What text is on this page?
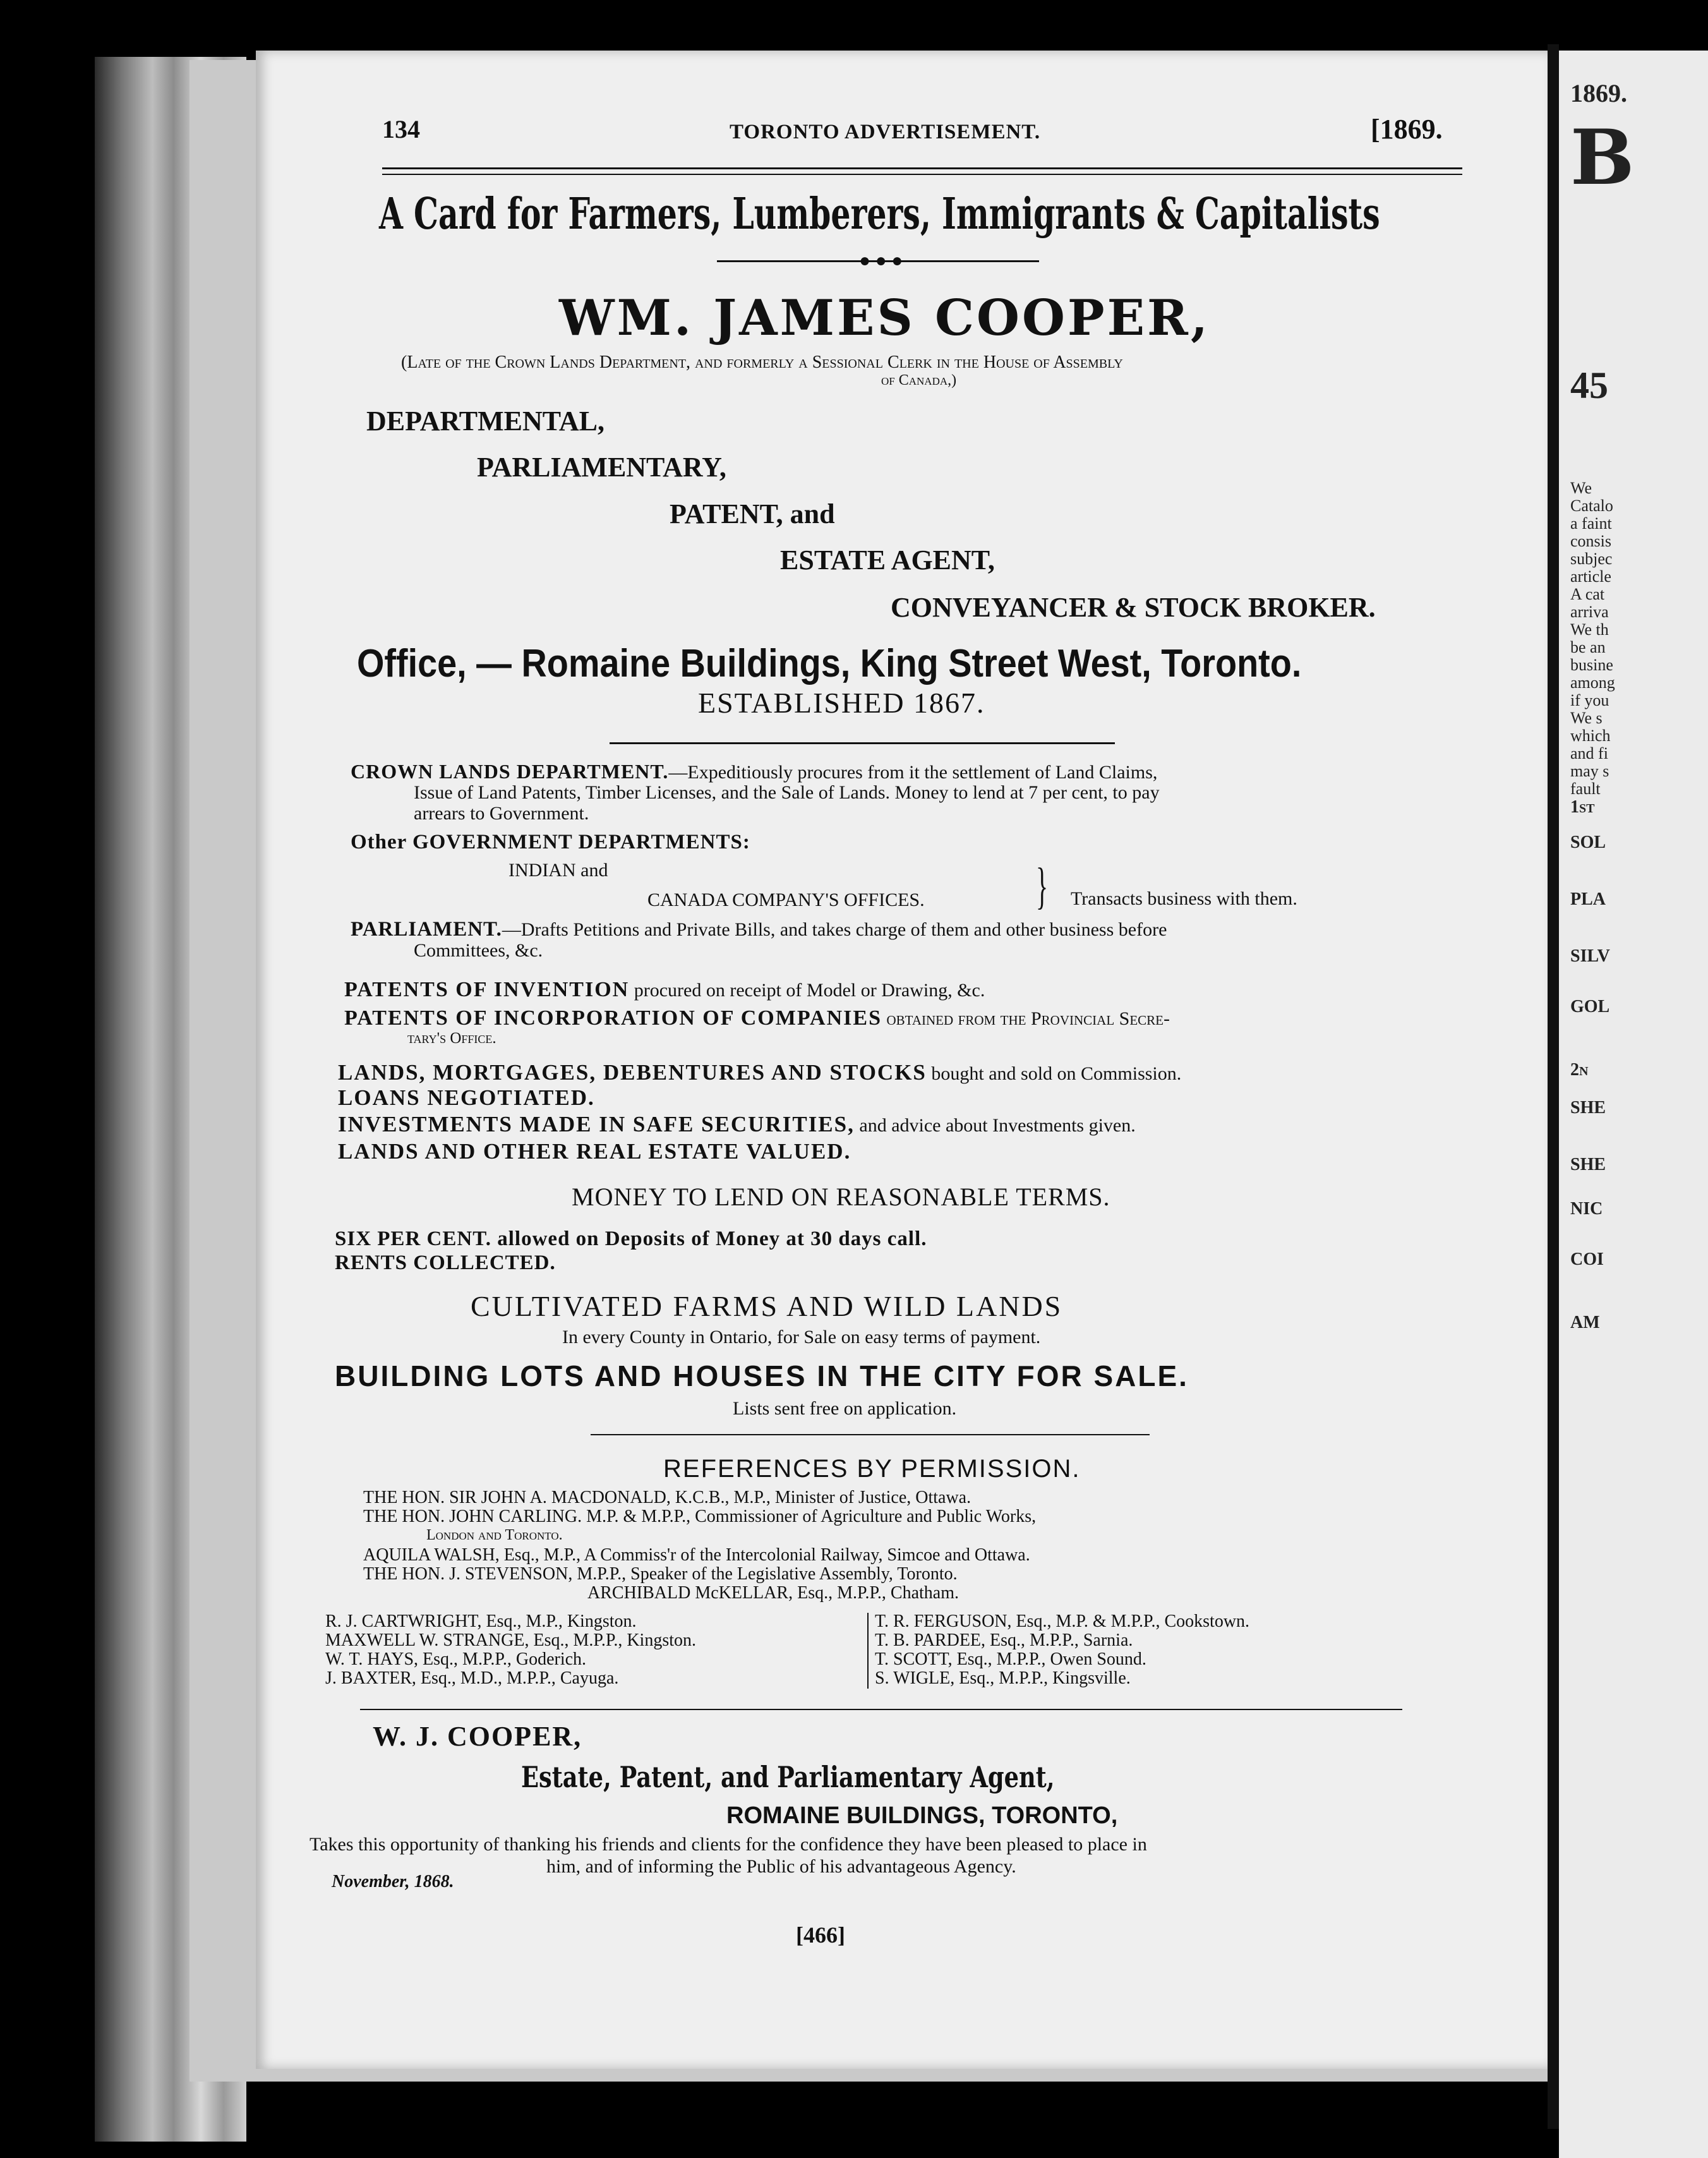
1869.
B
45
We
Catalo
a faint
consis
subjec
article
A cat
arriva
We th
be an
busine
among
if you
We s
which
and fi
may s
fault
1st
SOL
PLA
SILV
GOL
2n
SHE
SHE
NIC
COI
AM
134	TORONTO ADVERTISEMENT.	[1869.
A Card for Farmers, Lumberers, Immigrants & Capitalists
● ● ●
WM. JAMES COOPER,
(Late of the Crown Lands Department, and formerly a Sessional Clerk in the House of Assembly
of Canada,)
DEPARTMENTAL,
PARLIAMENTARY,
PATENT, and
ESTATE AGENT,
CONVEYANCER & STOCK BROKER.
Office, — Romaine Buildings, King Street West, Toronto.
ESTABLISHED 1867.
CROWN LANDS DEPARTMENT.—Expeditiously procures from it the settlement of Land Claims,
Issue of Land Patents, Timber Licenses, and the Sale of Lands. Money to lend at 7 per cent, to pay
arrears to Government.
Other GOVERNMENT DEPARTMENTS:
INDIAN and
CANADA COMPANY'S OFFICES. } Transacts business with them.
PARLIAMENT.—Drafts Petitions and Private Bills, and takes charge of them and other business before
Committees, &c.
PATENTS OF INVENTION procured on receipt of Model or Drawing, &c.
PATENTS OF INCORPORATION OF COMPANIES obtained from the Provincial Secre-
tary's Office.
LANDS, MORTGAGES, DEBENTURES AND STOCKS bought and sold on Commission.
LOANS NEGOTIATED.
INVESTMENTS MADE IN SAFE SECURITIES, and advice about Investments given.
LANDS AND OTHER REAL ESTATE VALUED.
MONEY TO LEND ON REASONABLE TERMS.
SIX PER CENT. allowed on Deposits of Money at 30 days call.
RENTS COLLECTED.
CULTIVATED FARMS AND WILD LANDS
In every County in Ontario, for Sale on easy terms of payment.
BUILDING LOTS AND HOUSES IN THE CITY FOR SALE.
Lists sent free on application.
REFERENCES BY PERMISSION.
THE HON. SIR JOHN A. MACDONALD, K.C.B., M.P., Minister of Justice, Ottawa.
THE HON. JOHN CARLING. M.P. & M.P.P., Commissioner of Agriculture and Public Works,
London and Toronto.
AQUILA WALSH, Esq., M.P., A Commiss'r of the Intercolonial Railway, Simcoe and Ottawa.
THE HON. J. STEVENSON, M.P.P., Speaker of the Legislative Assembly, Toronto.
ARCHIBALD McKELLAR, Esq., M.P.P., Chatham.
R. J. CARTWRIGHT, Esq., M.P., Kingston.
MAXWELL W. STRANGE, Esq., M.P.P., Kingston.
W. T. HAYS, Esq., M.P.P., Goderich.
J. BAXTER, Esq., M.D., M.P.P., Cayuga.
T. R. FERGUSON, Esq., M.P. & M.P.P., Cookstown.
T. B. PARDEE, Esq., M.P.P., Sarnia.
T. SCOTT, Esq., M.P.P., Owen Sound.
S. WIGLE, Esq., M.P.P., Kingsville.
W. J. COOPER,
Estate, Patent, and Parliamentary Agent,
ROMAINE BUILDINGS, TORONTO,
Takes this opportunity of thanking his friends and clients for the confidence they have been pleased to place in
him, and of informing the Public of his advantageous Agency.
November, 1868.
[466]
